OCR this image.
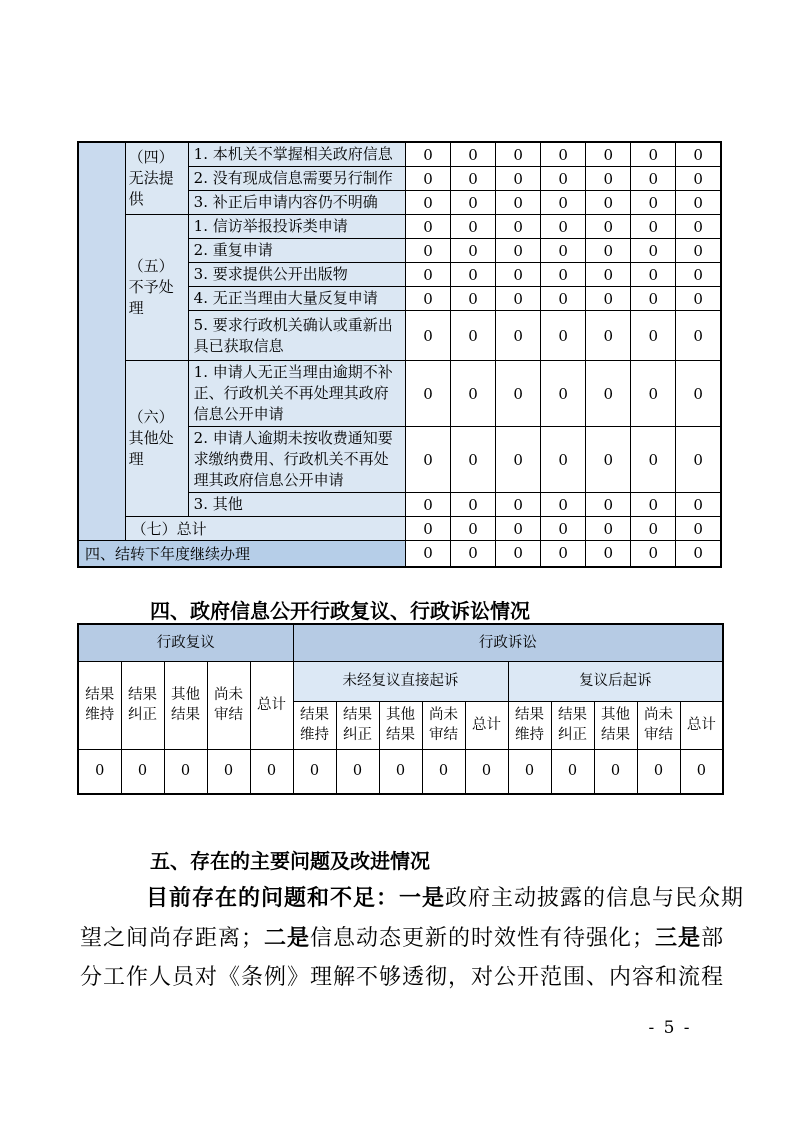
	（四）无法提供	1. 本机关不掌握相关政府信息	0	0	0	0	0	0	0
		2. 没有现成信息需要另行制作	0	0	0	0	0	0	0
		3. 补正后申请内容仍不明确	0	0	0	0	0	0	0
	（五）不予处理	1. 信访举报投诉类申请	0	0	0	0	0	0	0
		2. 重复申请	0	0	0	0	0	0	0
		3. 要求提供公开出版物	0	0	0	0	0	0	0
		4. 无正当理由大量反复申请	0	0	0	0	0	0	0
		5. 要求行政机关确认或重新出具已获取信息	0	0	0	0	0	0	0
	（六）其他处理	1. 申请人无正当理由逾期不补正、行政机关不再处理其政府信息公开申请	0	0	0	0	0	0	0
		2. 申请人逾期未按收费通知要求缴纳费用、行政机关不再处理其政府信息公开申请	0	0	0	0	0	0	0
		3. 其他	0	0	0	0	0	0	0
	（七）总计		0	0	0	0	0	0	0
四、结转下年度继续办理			0	0	0	0	0	0	0
四、政府信息公开行政复议、行政诉讼情况
行政复议					行政诉讼									
结果维持	结果纠正	其他结果	尚未审结	总计	未经复议直接起诉					复议后起诉				
					结果维持	结果纠正	其他结果	尚未审结	总计	结果维持	结果纠正	其他结果	尚未审结	总计
0	0	0	0	0	0	0	0	0	0	0	0	0	0	0
五、存在的主要问题及改进情况
目前存在的问题和不足：一是政府主动披露的信息与民众期
望之间尚存距离；二是信息动态更新的时效性有待强化；三是部
分工作人员对《条例》理解不够透彻，对公开范围、内容和流程
- 5 -
